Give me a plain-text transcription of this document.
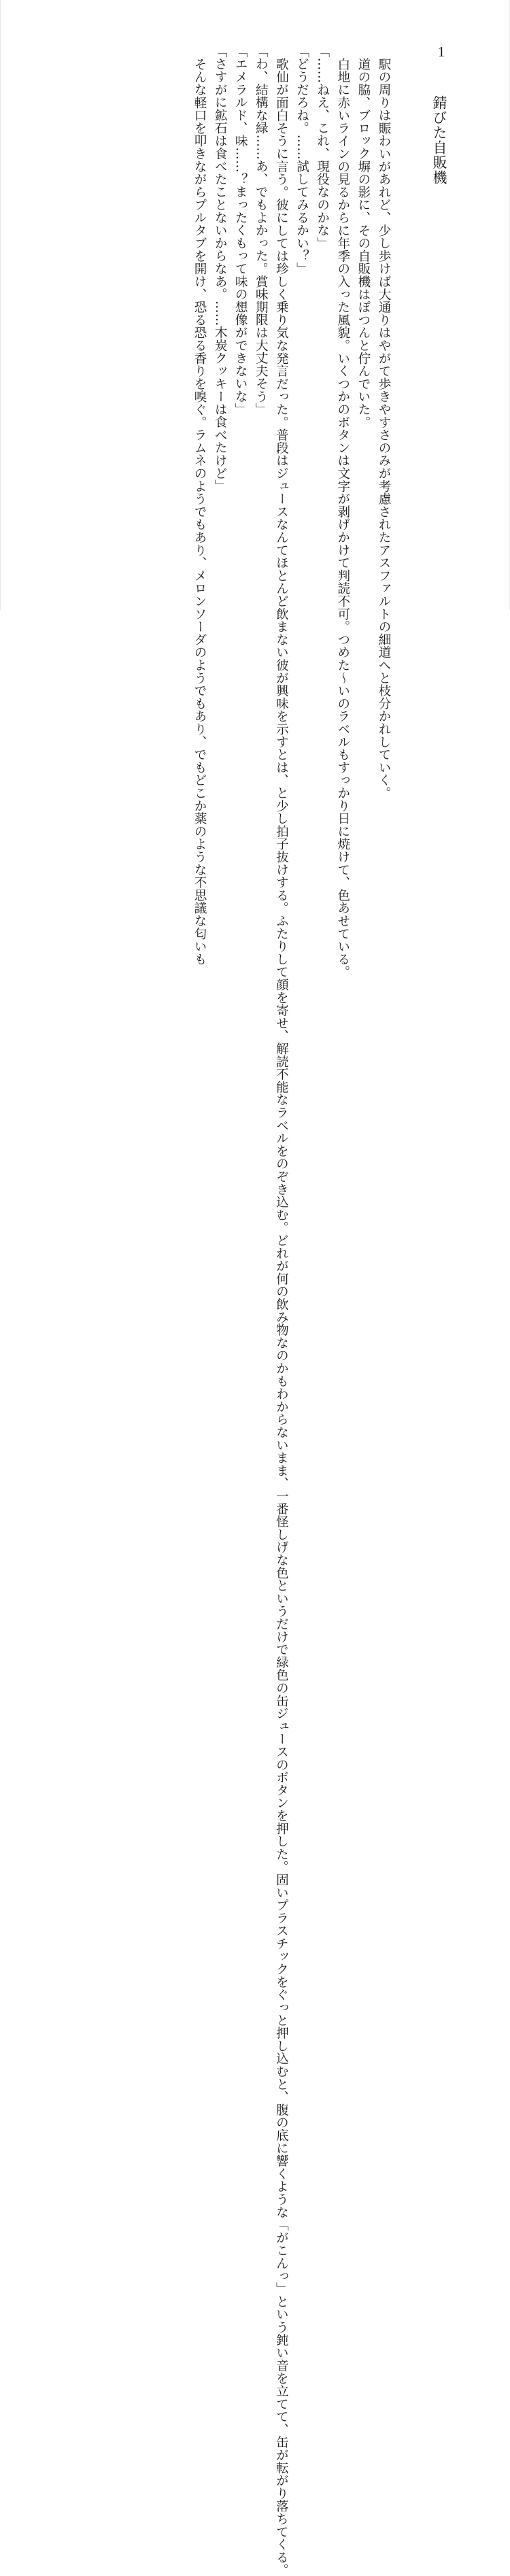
1
錆びた自販機

駅の周りは賑わいがあれど、少し歩けば大通りはやがて歩きやすさのみが考慮されたアスファルトの細道へと枝分かれしていく。

道の脇、ブロック塀の影に、その自販機はぽつんと佇んでいた。

白地に赤いラインの見るからに年季の入った風貌。いくつかのボタンは文字が剥げかけて判読不可。つめた〜いのラベルもすっかり日に焼けて、色あせている。

「……ねえ、これ、現役なのかな」

「どうだろね。……試してみるかい？」

歌仙が面白そうに言う。彼にしては珍しく乗り気な発言だった。普段はジュースなんてほとんど飲まない彼が興味を示すとは、と少し拍子抜けする。ふたりして顔を寄せ、解読不能なラベルをのぞき込む。どれが何の飲み物なのかもわからないまま、一番怪しげな色というだけで緑色の缶ジュースのボタンを押した。固いプラスチックをぐっと押し込むと、腹の底に響くような「がこんっ」という鈍い音を立てて、缶が転がり落ちてくる。

「わ、結構な緑……あ、でもよかった。賞味期限は大丈夫そう」

「エメラルド、味……？まったくもって味の想像ができないな」

「さすがに鉱石は食べたことないからなあ。……木炭クッキーは食べたけど」

そんな軽口を叩きながらプルタブを開け、恐る恐る香りを嗅ぐ。ラムネのようでもあり、メロンソーダのようでもあり、でもどこか薬のような不思議な匂いも
